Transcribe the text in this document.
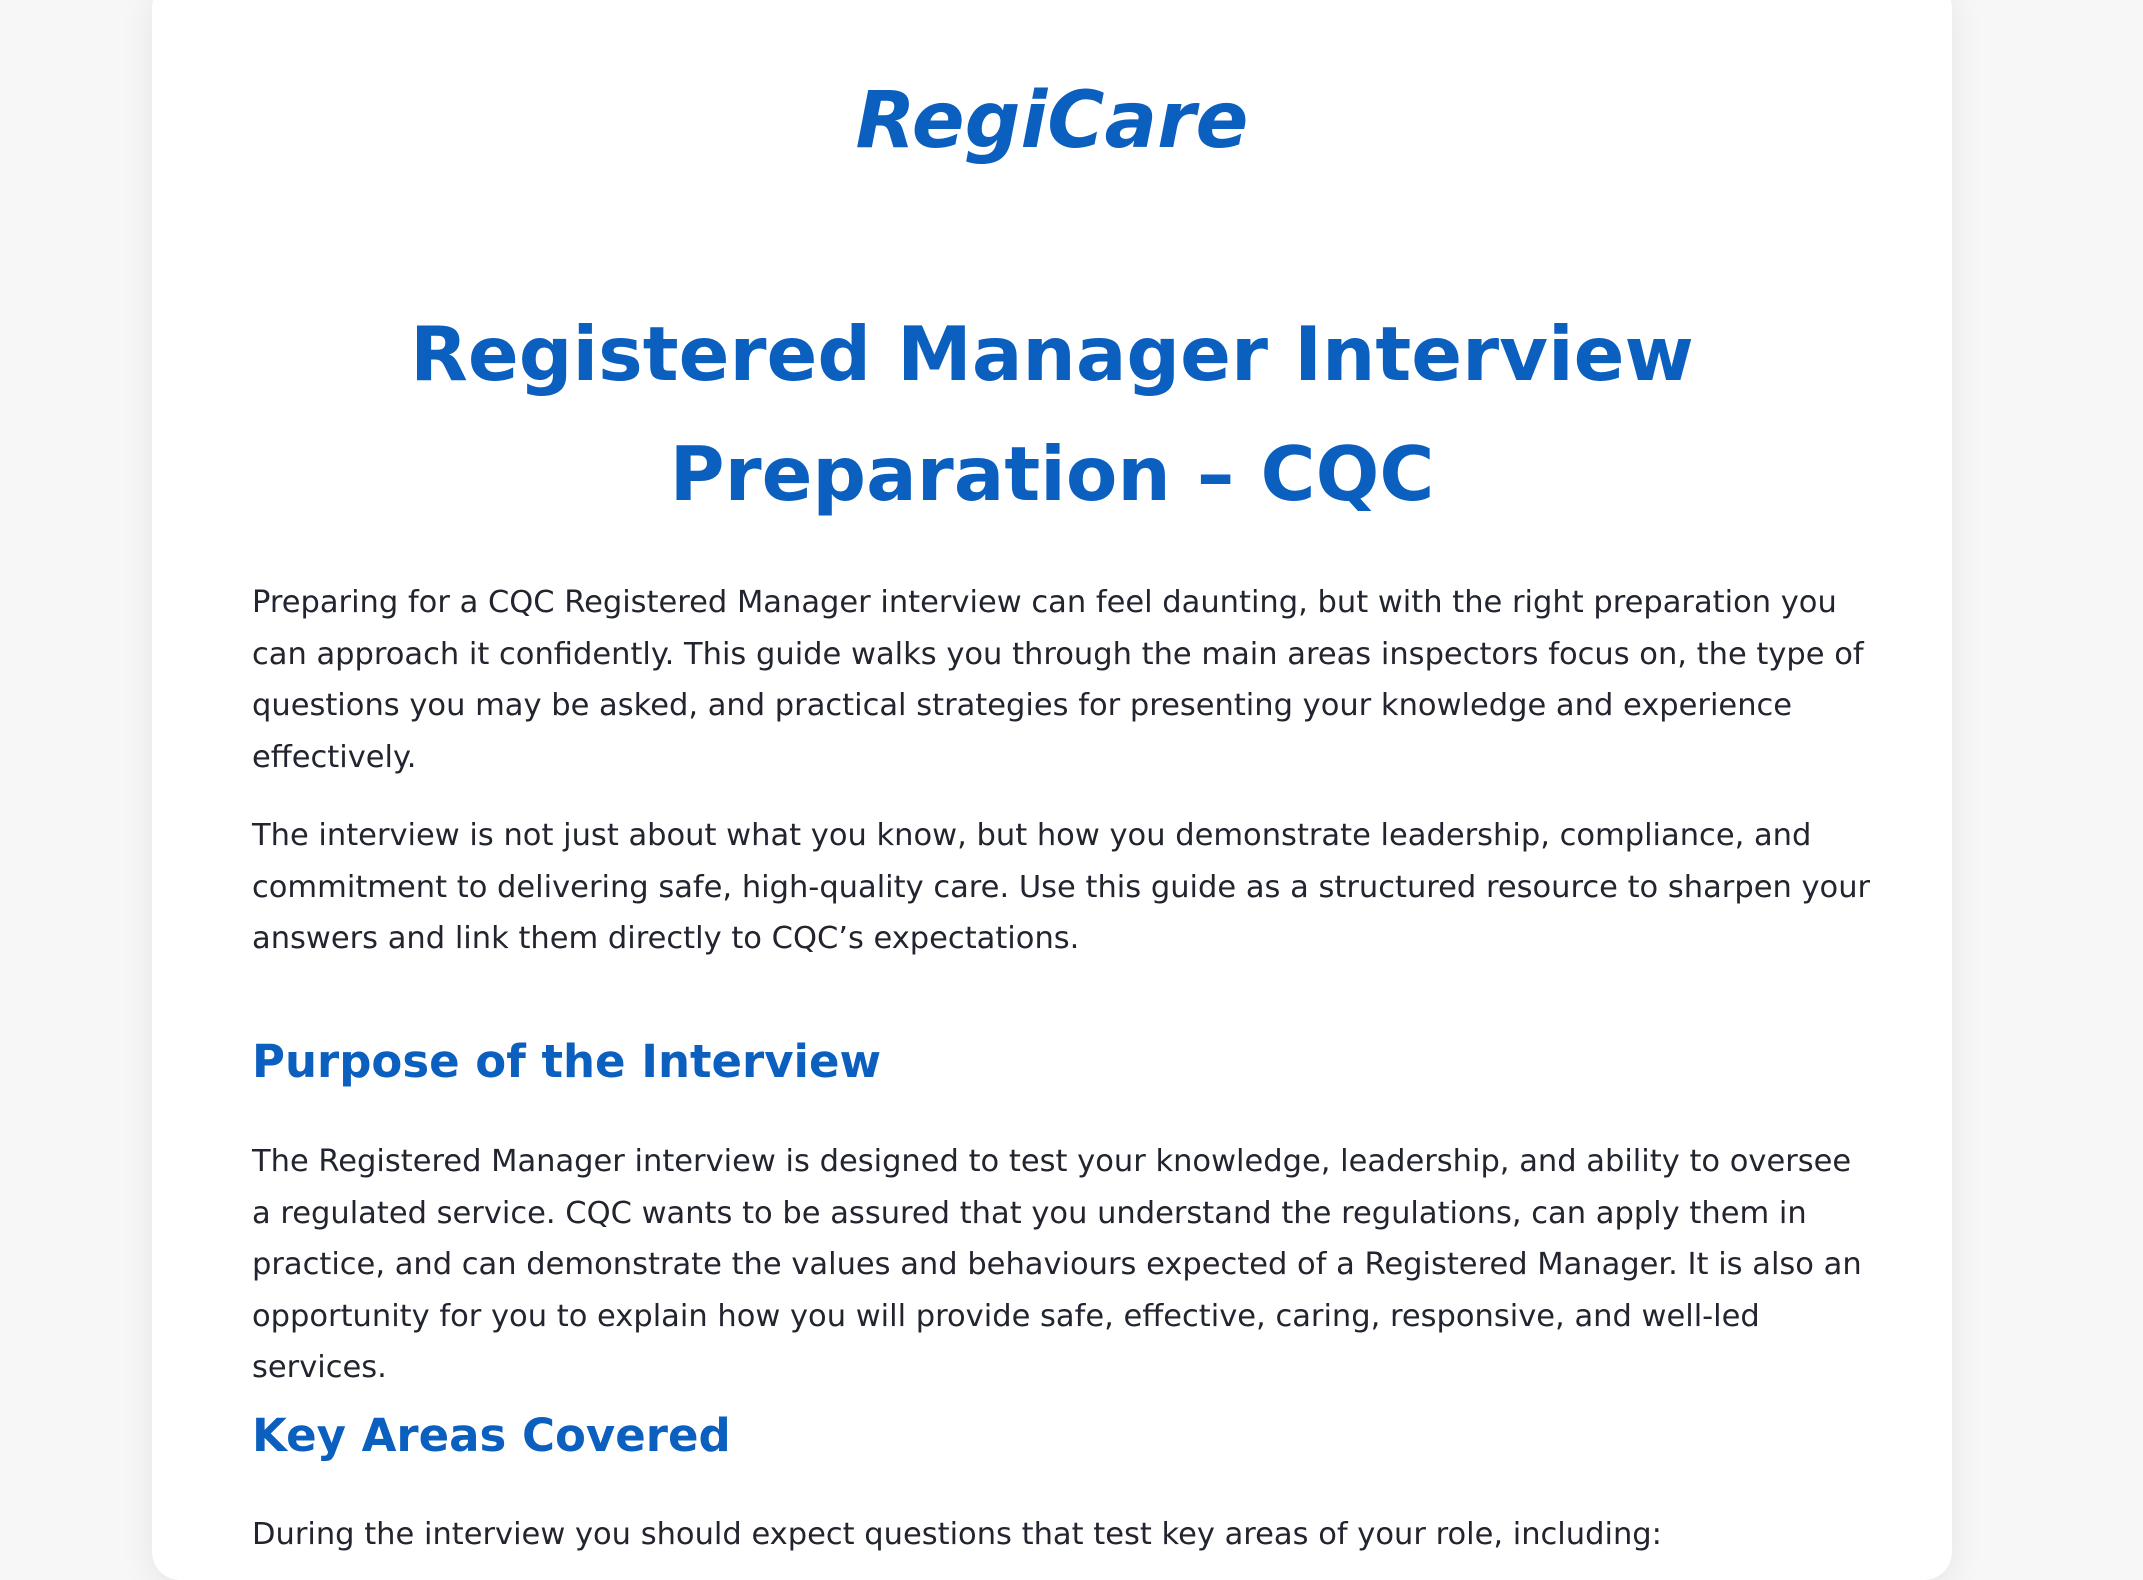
RegiCare
Registered Manager Interview Preparation – CQC

Preparing for a CQC Registered Manager interview can feel daunting, but with the right preparation you can approach it confidently. This guide walks you through the main areas inspectors focus on, the type of questions you may be asked, and practical strategies for presenting your knowledge and experience effectively.

The interview is not just about what you know, but how you demonstrate leadership, compliance, and commitment to delivering safe, high-quality care. Use this guide as a structured resource to sharpen your answers and link them directly to CQC’s expectations.

Purpose of the Interview

The Registered Manager interview is designed to test your knowledge, leadership, and ability to oversee a regulated service. CQC wants to be assured that you understand the regulations, can apply them in practice, and can demonstrate the values and behaviours expected of a Registered Manager. It is also an opportunity for you to explain how you will provide safe, effective, caring, responsive, and well-led services.

Key Areas Covered

During the interview you should expect questions that test key areas of your role, including:
